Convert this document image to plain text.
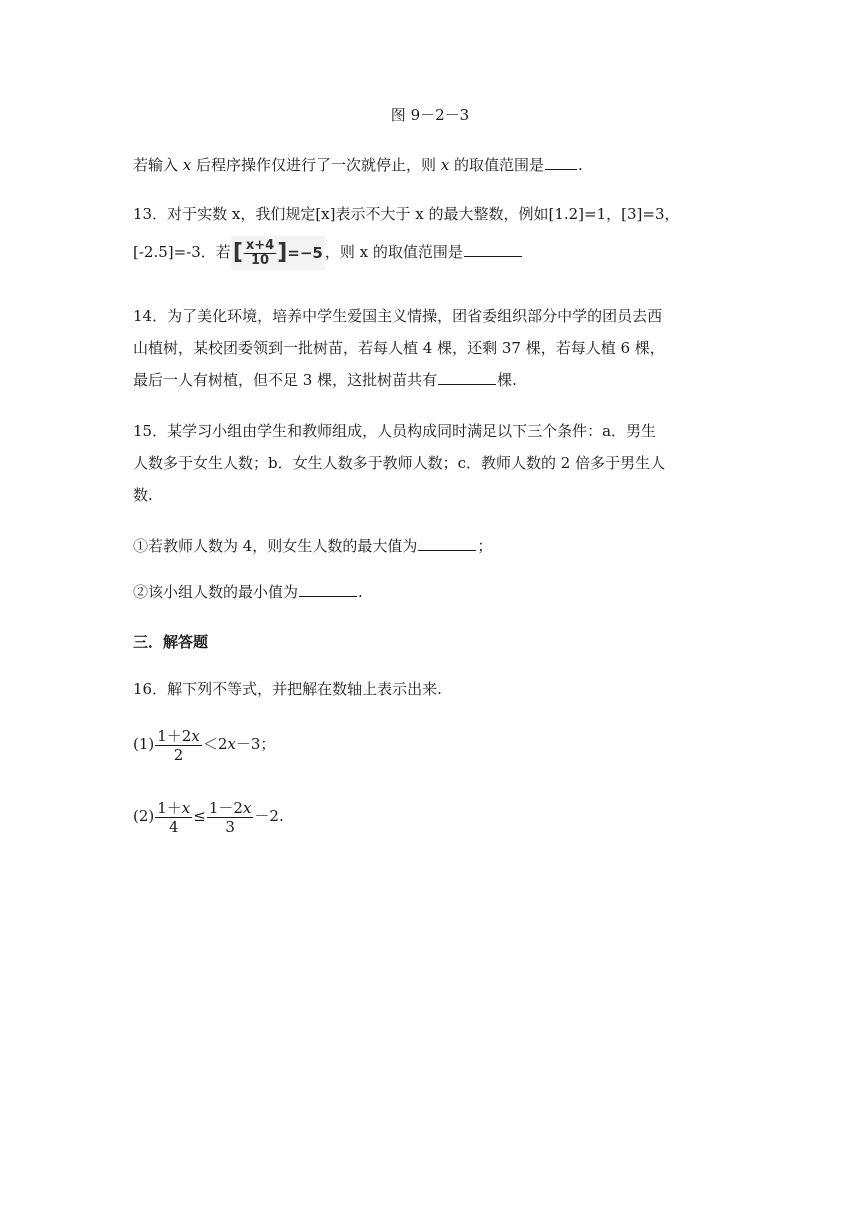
图 9－2－3
若输入 x 后程序操作仅进行了一次就停止，则 x 的取值范围是 .
13．对于实数 x，我们规定[x]表示不大于 x 的最大整数，例如[1.2]=1，[3]=3，
[-2.5]=-3．若 [ $\frac{x+4}{10}$ ] =−5 ，则 x 的取值范围是
14．为了美化环境，培养中学生爱国主义情操，团省委组织部分中学的团员去西
山植树，某校团委领到一批树苗，若每人植 4 棵，还剩 37 棵，若每人植 6 棵，
最后一人有树植，但不足 3 棵，这批树苗共有	棵.
15．某学习小组由学生和教师组成，人员构成同时满足以下三个条件：a．男生
人数多于女生人数；b．女生人数多于教师人数；c．教师人数的 2 倍多于男生人
数.
①若教师人数为 4，则女生人数的最大值为	；
②该小组人数的最小值为	.
三．解答题
16．解下列不等式，并把解在数轴上表示出来.
$(1) \frac{1+2x}{2} <2x-3$；
$(2) \frac{1+x}{4} \le \frac{1-2x}{3} -2$.
